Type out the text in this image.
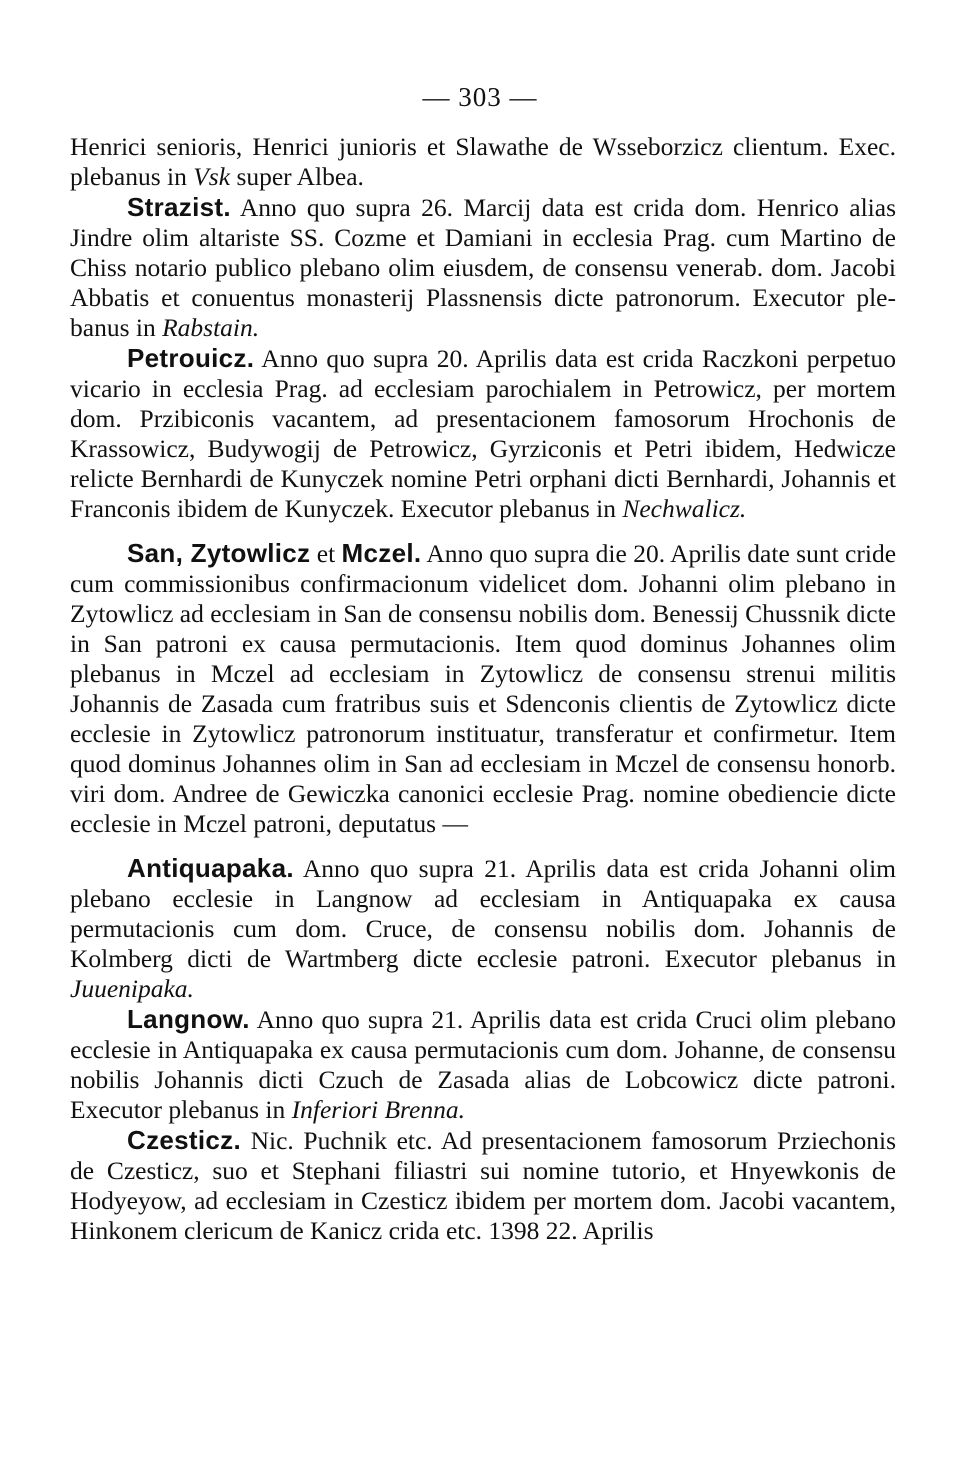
— 303 —

Henrici senioris, Henrici junioris et Slawathe de Wsseborzicz clientum. Exec. plebanus in Vsk super Albea.

Strazist. Anno quo supra 26. Marcij data est crida dom. Henrico alias Jindre olim altariste SS. Cozme et Damiani in ecclesia Prag. cum Martino de Chiss notario publico plebano olim eiusdem, de consensu venerab. dom. Jacobi Abbatis et conuentus monasterij Plassnensis dicte patronorum. Executor plebanus in Rabstain.

Petrouicz. Anno quo supra 20. Aprilis data est crida Raczkoni perpetuo vicario in ecclesia Prag. ad ecclesiam parochialem in Petrowicz, per mortem dom. Przibiconis vacantem, ad presentacionem famosorum Hrochonis de Krassowicz, Budywogij de Petrowicz, Gyrziconis et Petri ibidem, Hedwicze relicte Bernhardi de Kunyczek nomine Petri orphani dicti Bernhardi, Johannis et Franconis ibidem de Kunyczek. Executor plebanus in Nechwalicz.

San, Zytowlicz et Mczel. Anno quo supra die 20. Aprilis date sunt cride cum commissionibus confirmacionum videlicet dom. Johanni olim plebano in Zytowlicz ad ecclesiam in San de consensu nobilis dom. Benessij Chussnik dicte in San patroni ex causa permutacionis. Item quod dominus Johannes olim plebanus in Mczel ad ecclesiam in Zytowlicz de consensu strenui militis Johannis de Zasada cum fratribus suis et Sdenconis clientis de Zytowlicz dicte ecclesie in Zytowlicz patronorum instituatur, transferatur et confirmetur. Item quod dominus Johannes olim in San ad ecclesiam in Mczel de consensu honorb. viri dom. Andree de Gewiczka canonici ecclesie Prag. nomine obediencie dicte ecclesie in Mczel patroni, deputatus —

Antiquapaka. Anno quo supra 21. Aprilis data est crida Johanni olim plebano ecclesie in Langnow ad ecclesiam in Antiquapaka ex causa permutacionis cum dom. Cruce, de consensu nobilis dom. Johannis de Kolmberg dicti de Wartmberg dicte ecclesie patroni. Executor plebanus in Juuenipaka.

Langnow. Anno quo supra 21. Aprilis data est crida Cruci olim plebano ecclesie in Antiquapaka ex causa permutacionis cum dom. Johanne, de consensu nobilis Johannis dicti Czuch de Zasada alias de Lobcowicz dicte patroni. Executor plebanus in Inferiori Brenna.

Czesticz. Nic. Puchnik etc. Ad presentacionem famosorum Prziechonis de Czesticz, suo et Stephani filiastri sui nomine tutorio, et Hnyewkonis de Hodyeyow, ad ecclesiam in Czesticz ibidem per mortem dom. Jacobi vacantem, Hinkonem clericum de Kanicz crida etc. 1398 22. Aprilis
